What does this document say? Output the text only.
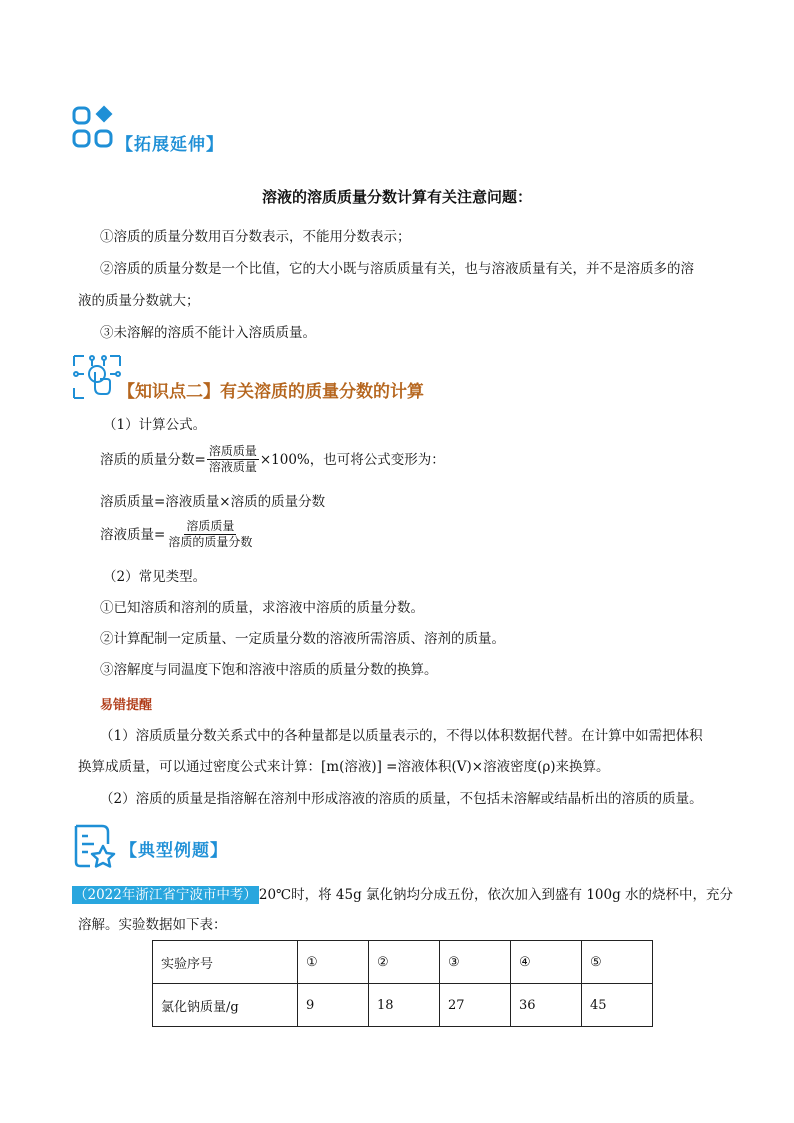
【拓展延伸】
溶液的溶质质量分数计算有关注意问题：
①溶质的质量分数用百分数表示，不能用分数表示；
②溶质的质量分数是一个比值，它的大小既与溶质质量有关，也与溶液质量有关，并不是溶质多的溶
液的质量分数就大；
③未溶解的溶质不能计入溶质质量。
【知识点二】 有关溶质的质量分数的计算
（1）计算公式。
溶质的质量分数= $\frac{\text{溶质质量}}{\text{溶液质量}} \times 100\%$，也可将公式变形为：
溶质质量=溶液质量×溶质的质量分数
溶液质量= $\frac{\text{溶质质量}}{\text{溶质的质量分数}}$
（2）常见类型。
①已知溶质和溶剂的质量，求溶液中溶质的质量分数。
②计算配制一定质量、一定质量分数的溶液所需溶质、溶剂的质量。
③溶解度与同温度下饱和溶液中溶质的质量分数的换算。
易错提醒
（1）溶质质量分数关系式中的各种量都是以质量表示的，不得以体积数据代替。在计算中如需把体积
换算成质量，可以通过密度公式来计算：[m(溶液)] =溶液体积(V)×溶液密度(ρ)来换算。
（2）溶质的质量是指溶解在溶剂中形成溶液的溶质的质量，不包括未溶解或结晶析出的溶质的质量。
【典型例题】
（2022年浙江省宁波市中考） 20℃时，将 45g 氯化钠均分成五份，依次加入到盛有 100g 水的烧杯中，充分
溶解。实验数据如下表：
实验序号	①	②	③	④	⑤
氯化钠质量/g	9	18	27	36	45
